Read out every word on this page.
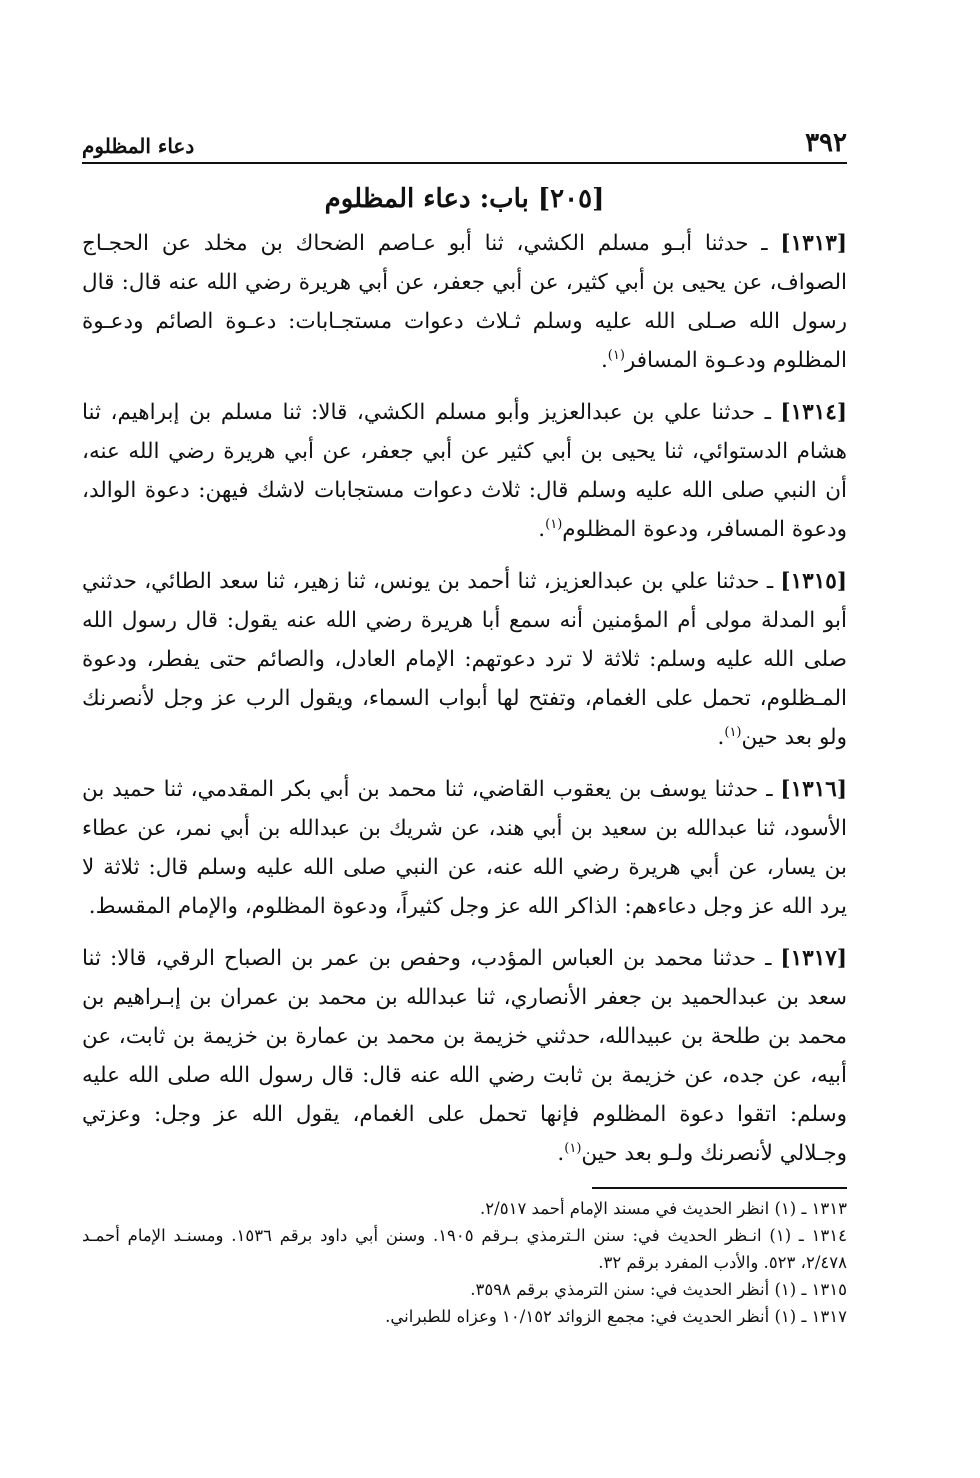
٣٩٢
دعاء المظلوم
[٢٠٥] باب: دعاء المظلوم

[١٣١٣] ـ حدثنا أبـو مسلم الكشي، ثنا أبو عـاصم الضحاك بن مخلد عن الحجـاج الصواف، عن يحيى بن أبي كثير، عن أبي جعفر، عن أبي هريرة رضي الله عنه قال: قال رسول الله صـلى الله عليه وسلم ثـلاث دعوات مستجـابات: دعـوة الصائم ودعـوة المظلوم ودعـوة المسافر$^{(١)}$.

[١٣١٤] ـ حدثنا علي بن عبدالعزيز وأبو مسلم الكشي، قالا: ثنا مسلم بن إبراهيم، ثنا هشام الدستوائي، ثنا يحيى بن أبي كثير عن أبي جعفر، عن أبي هريرة رضي الله عنه، أن النبي صلى الله عليه وسلم قال: ثلاث دعوات مستجابات لاشك فيهن: دعوة الوالد، ودعوة المسافر، ودعوة المظلوم$^{(١)}$.

[١٣١٥] ـ حدثنا علي بن عبدالعزيز، ثنا أحمد بن يونس، ثنا زهير، ثنا سعد الطائي، حدثني أبو المدلة مولى أم المؤمنين أنه سمع أبا هريرة رضي الله عنه يقول: قال رسول الله صلى الله عليه وسلم: ثلاثة لا ترد دعوتهم: الإمام العادل، والصائم حتى يفطر، ودعوة المـظلوم، تحمل على الغمام، وتفتح لها أبواب السماء، ويقول الرب عز وجل لأنصرنك ولو بعد حين$^{(١)}$.

[١٣١٦] ـ حدثنا يوسف بن يعقوب القاضي، ثنا محمد بن أبي بكر المقدمي، ثنا حميد بن الأسود، ثنا عبدالله بن سعيد بن أبي هند، عن شريك بن عبدالله بن أبي نمر، عن عطاء بن يسار، عن أبي هريرة رضي الله عنه، عن النبي صلى الله عليه وسلم قال: ثلاثة لا يرد الله عز وجل دعاءهم: الذاكر الله عز وجل كثيراً، ودعوة المظلوم، والإمام المقسط.

[١٣١٧] ـ حدثنا محمد بن العباس المؤدب، وحفص بن عمر بن الصباح الرقي، قالا: ثنا سعد بن عبدالحميد بن جعفر الأنصاري، ثنا عبدالله بن محمد بن عمران بن إبـراهيم بن محمد بن طلحة بن عبيدالله، حدثني خزيمة بن محمد بن عمارة بن خزيمة بن ثابت، عن أبيه، عن جده، عن خزيمة بن ثابت رضي الله عنه قال: قال رسول الله صلى الله عليه وسلم: اتقوا دعوة المظلوم فإنها تحمل على الغمام، يقول الله عز وجل: وعزتي وجـلالي لأنصرنك ولـو بعد حين$^{(١)}$.

١٣١٣ ـ (١) انظر الحديث في مسند الإمام أحمد ٢/٥١٧.

١٣١٤ ـ (١) انـظر الحديث في: سنن الـترمذي بـرقم ١٩٠٥. وسنن أبي داود برقم ١٥٣٦. ومسنـد الإمام أحمـد ٢/٤٧٨، ٥٢٣. والأدب المفرد برقم ٣٢.

١٣١٥ ـ (١) أنظر الحديث في: سنن الترمذي برقم ٣٥٩٨.

١٣١٧ ـ (١) أنظر الحديث في: مجمع الزوائد ١٠/١٥٢ وعزاه للطبراني.
